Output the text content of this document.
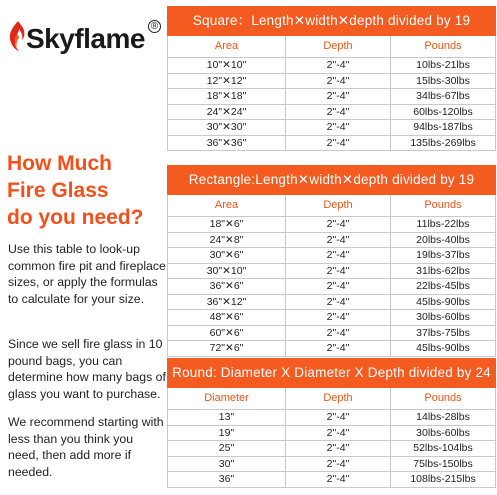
Skyflame ®
How Much
Fire Glass
do you need?
Use this table to look-up common fire pit and fireplace sizes, or apply the formulas to calculate for your size.
Since we sell fire glass in 10 pound bags, you can determine how many bags of glass you want to purchase.
We recommend starting with less than you think you need, then add more if needed.
Square：Length✕width✕depth divided by 19		
Area	Depth	Pounds
10"✕10"	2"-4"	10lbs-21lbs
12"✕12"	2"-4"	15lbs-30lbs
18"✕18"	2"-4"	34lbs-67lbs
24"✕24"	2"-4"	60lbs-120lbs
30"✕30"	2"-4"	94lbs-187lbs
36"✕36"	2"-4"	135lbs-269lbs
Rectangle:Length✕width✕depth divided by 19		
Area	Depth	Pounds
18"✕6"	2"-4"	11lbs-22lbs
24"✕8"	2"-4"	20lbs-40lbs
30"✕6"	2"-4"	19lbs-37lbs
30"✕10"	2"-4"	31lbs-62lbs
36"✕6"	2"-4"	22lbs-45lbs
36"✕12"	2"-4"	45lbs-90lbs
48"✕6"	2"-4"	30lbs-60lbs
60"✕6"	2"-4"	37lbs-75lbs
72"✕6"	2"-4"	45lbs-90lbs
Round: Diameter X Diameter X Depth divided by 24		
Diameter	Depth	Pounds
13"	2"-4"	14lbs-28lbs
19"	2"-4"	30lbs-60lbs
25"	2"-4"	52lbs-104lbs
30"	2"-4"	75lbs-150lbs
36"	2"-4"	108lbs-215lbs
